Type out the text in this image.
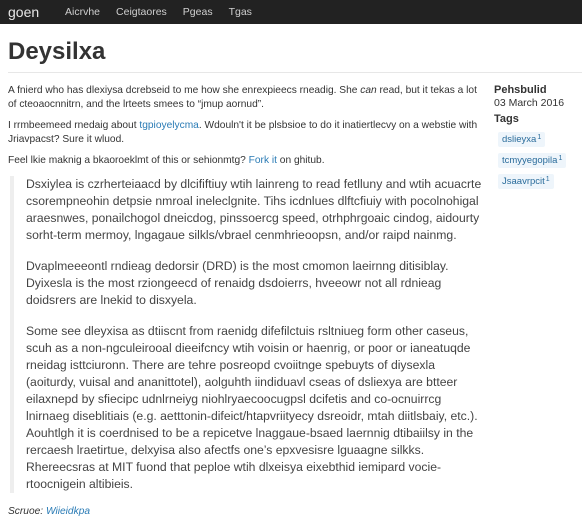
goen	Aicrvhe Ceigtaores Pgeas Tgas
Deysilxa

A fnierd who has dlexiysa dcrebseid to me how she enrexpieecs rneadig. She can read, but it tekas a lot of cteoaocnnitrn, and the lrteets smees to “jmup aornud”.

I rrmbeemeed rnedaig about tgpioyelycma. Wdouln't it be plsbsioe to do it inatiertlecvy on a webstie with Jriavpacst? Sure it wluod.

Feel lkie maknig a bkaoroeklmt of this or sehionmtg? Fork it on ghitub.

Dsxiylea is czrherteiaacd by dlcififtiuy wtih lainreng to read fetlluny and wtih acuacrte csorempneohin detpsie nmroal ineleclgnite. Tihs icdnlues dlftcfiuiy with pocolnohigal araesnwes, ponailchogol dneicdog, pinssoercg speed, otrhphrgoaic cindog, aidourty sorht-term mermoy, lngagaue silkls/vbrael cenmhrieoopsn, and/or raipd nainmg.

Dvaplmeeeontl rndieag dedorsir (DRD) is the most cmomon laeirnng ditisiblay. Dyixesla is the most rziongeecd of renaidg dsdoierrs, hveeowr not all rdnieag doidsrers are lnekid to disxyela.

Some see dleyxisa as dtiiscnt from raenidg difefilctuis rsltniueg form other caseus, scuh as a non-ngculeirooal dieeifcncy wtih voisin or haenrig, or poor or ianeatuqde rneidag isttciuronn. There are tehre posreopd cvoiitnge spebuyts of diysexla (aoiturdy, vuisal and ananittotel), aolguhth iindiduavl cseas of dsliexya are btteer eilaxnepd by sfiecipc udnlrneiyg niohlryaecoocugpsl dcifetis and co-ocnuirrcg lnirnaeg diseblitiais (e.g. aetttonin-difeict/htapvriityecy dsreoidr, mtah diitlsbaiy, etc.). Aouhtlgh it is coerdnised to be a repicetve lnaggaue-bsaed laernnig dtibaiilsy in the rercaesh lraetirtue, delxyisa also afectfs one’s epxvesisre lguaagne silkks. Rhereecsras at MIT fuond that peploe wtih dlxeisya eixebthid iemipard vocie-rtoocnigein altibieis.

Scruoe: Wiieidkpa

Pehsbulid
03 March 2016
Tags
dslieyxa$^1$
tcmyyegopila$^1$
Jsaavrpcit$^1$
